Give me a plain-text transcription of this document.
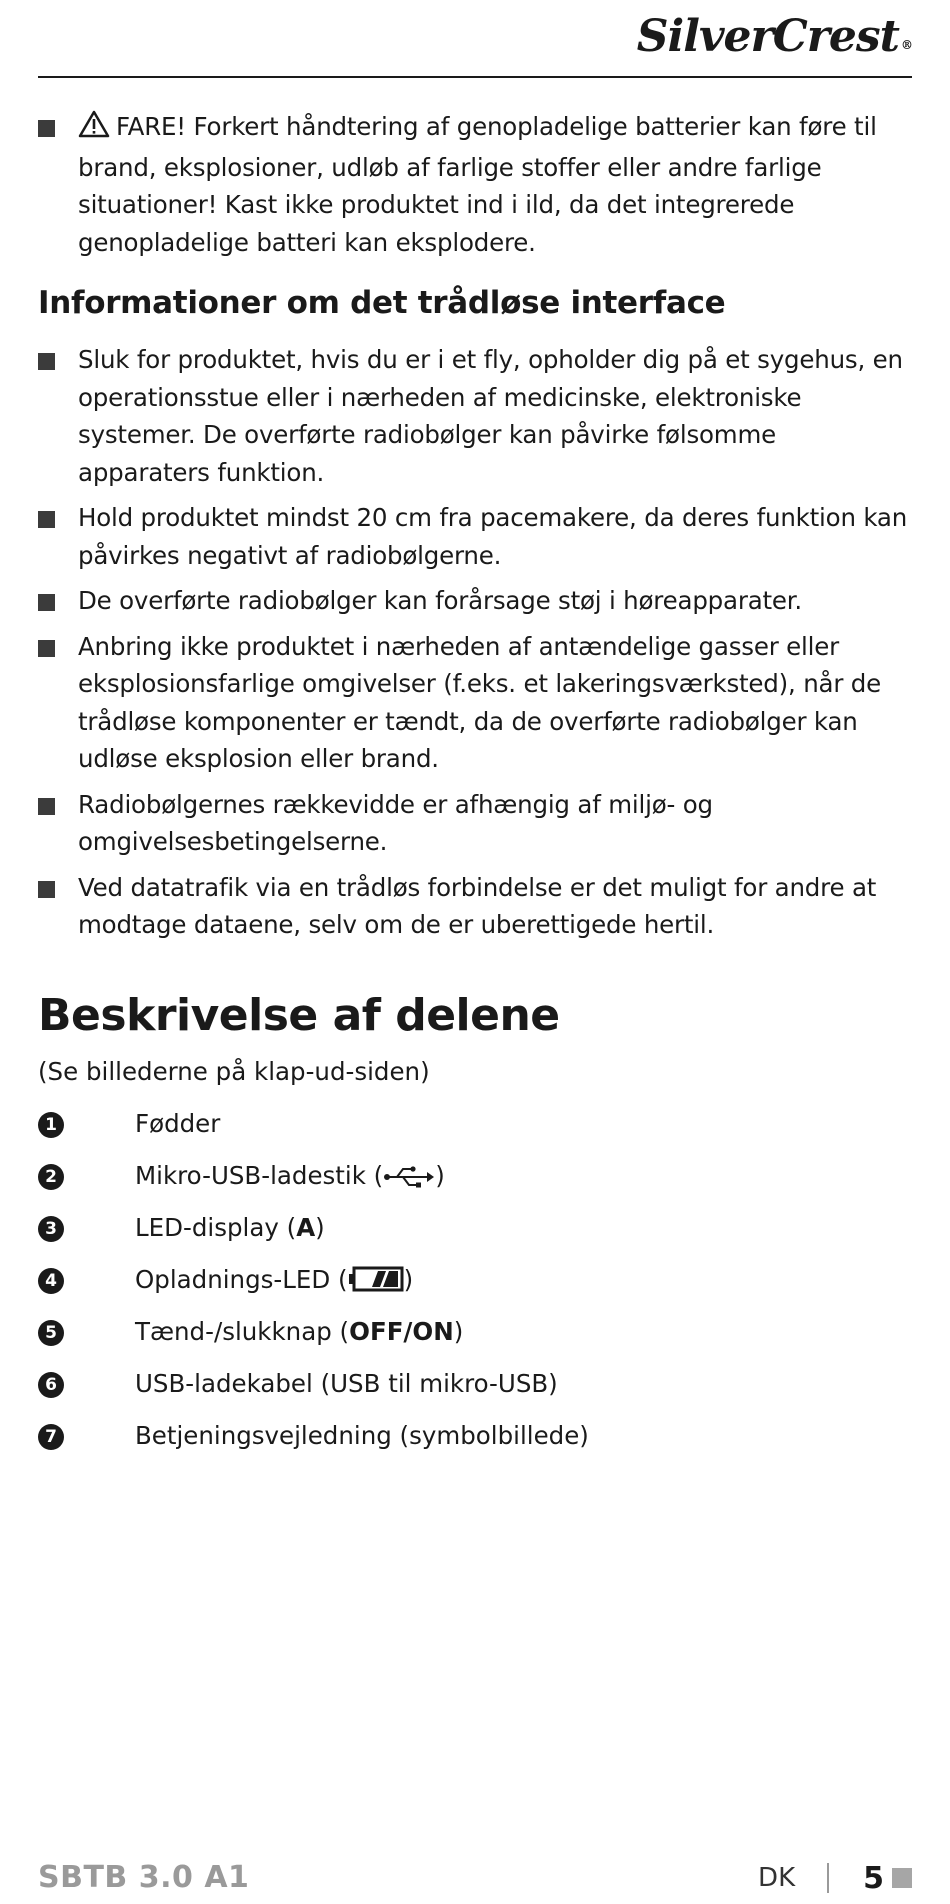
SilverCrest ®
FARE! Forkert håndtering af genopladelige batterier kan føre til brand, eksplosioner, udløb af farlige stoffer eller andre farlige situationer! Kast ikke produktet ind i ild, da det integrerede genopladelige batteri kan eksplodere.
Informationer om det trådløse interface
Sluk for produktet, hvis du er i et fly, opholder dig på et sygehus, en operationsstue eller i nærheden af medicinske, elektroniske systemer. De overførte radiobølger kan påvirke følsomme apparaters funktion.
Hold produktet mindst 20 cm fra pacemakere, da deres funktion kan påvirkes negativt af radiobølgerne.
De overførte radiobølger kan forårsage støj i høreapparater.
Anbring ikke produktet i nærheden af antændelige gasser eller eksplosionsfarlige omgivelser (f.eks. et lakeringsværksted), når de trådløse komponenter er tændt, da de overførte radiobølger kan udløse eksplosion eller brand.
Radiobølgernes rækkevidde er afhængig af miljø- og omgivelsesbetingelserne.
Ved datatrafik via en trådløs forbindelse er det muligt for andre at modtage dataene, selv om de er uberettigede hertil.
Beskrivelse af delene

(Se billederne på klap-ud-siden)

1	Fødder
2	Mikro-USB-ladestik ( )
3	LED-display (A)
4	Opladnings-LED ( )
5	Tænd-/slukknap (OFF/ON)
6	USB-ladekabel (USB til mikro-USB)
7	Betjeningsvejledning (symbolbillede)
SBTB 3.0 A1	DK 5
